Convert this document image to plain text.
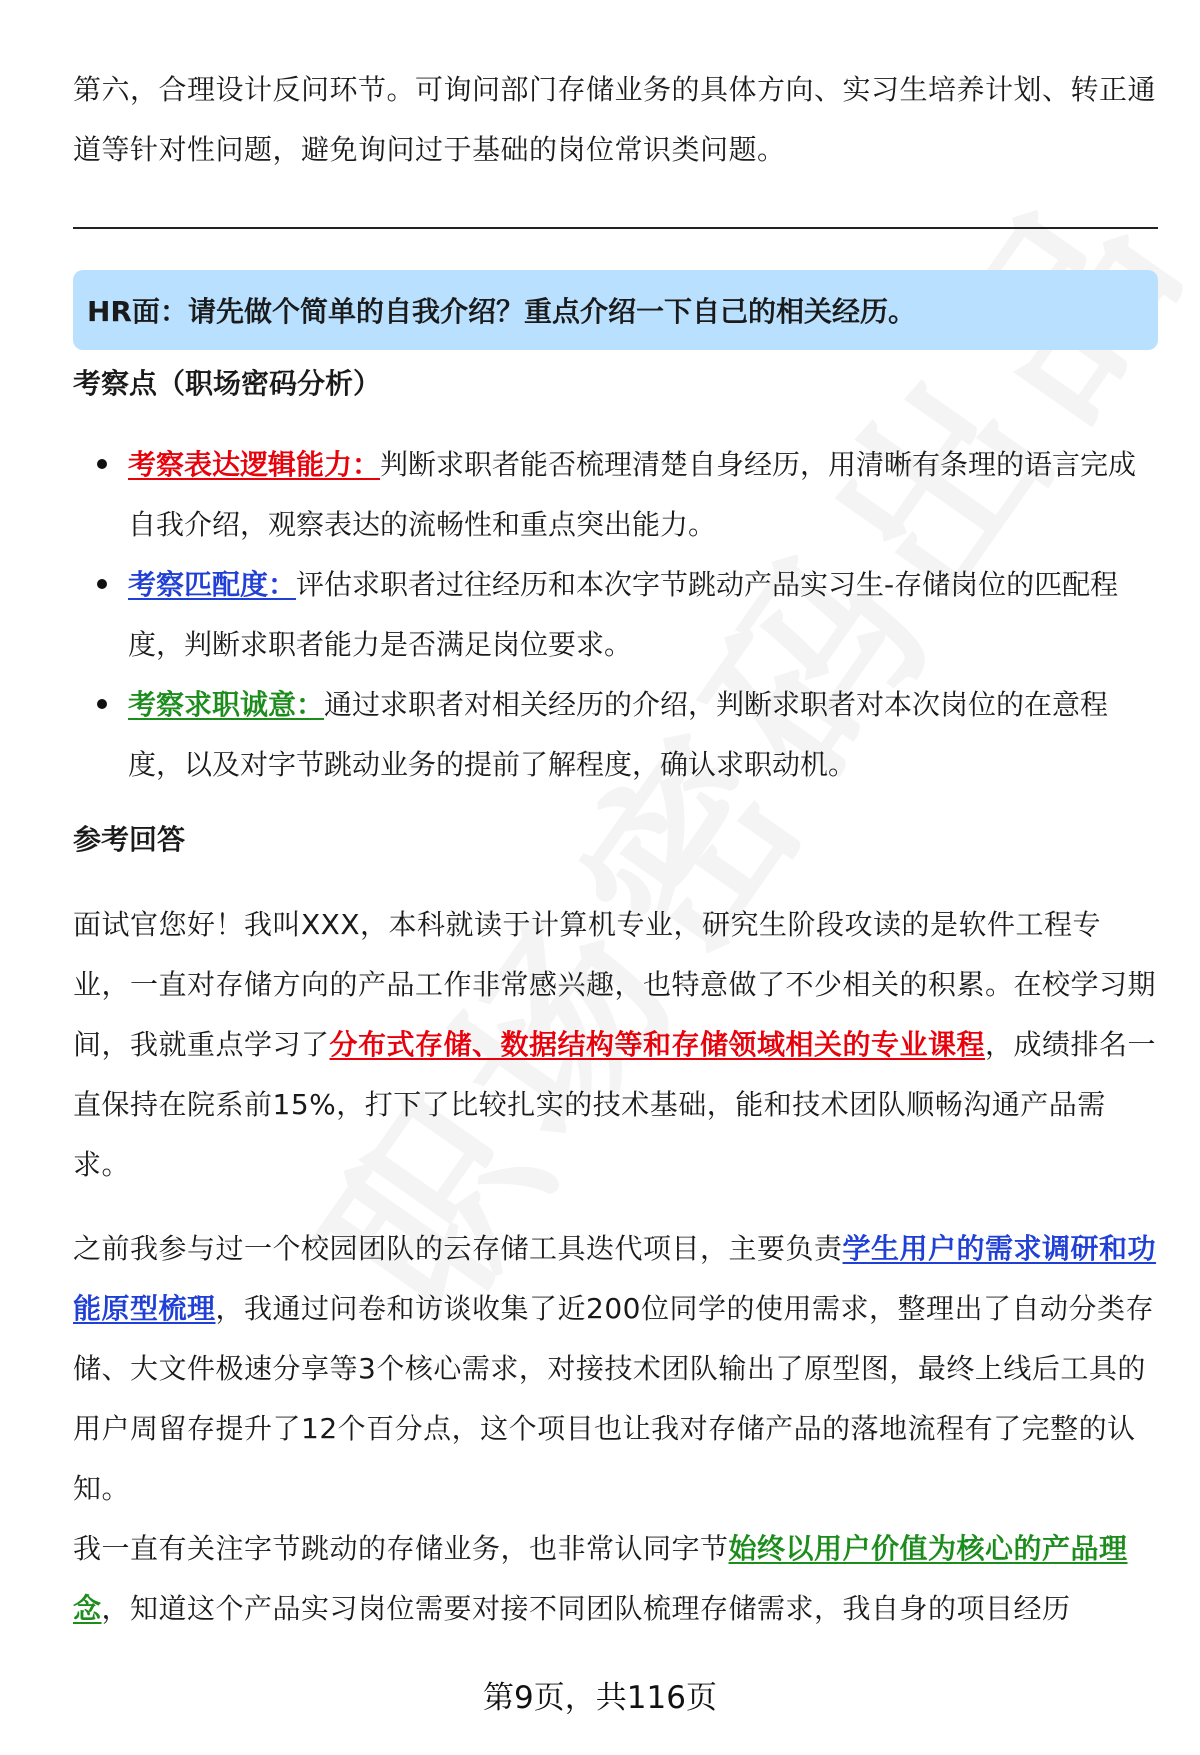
第六，合理设计反问环节。可询问部门存储业务的具体方向、实习生培养计划、转正通道等针对性问题，避免询问过于基础的岗位常识类问题。

HR面：请先做个简单的自我介绍？重点介绍一下自己的相关经历。

考察点（职场密码分析）

考察表达逻辑能力：判断求职者能否梳理清楚自身经历，用清晰有条理的语言完成自我介绍，观察表达的流畅性和重点突出能力。
考察匹配度：评估求职者过往经历和本次字节跳动产品实习生-存储岗位的匹配程度，判断求职者能力是否满足岗位要求。
考察求职诚意：通过求职者对相关经历的介绍，判断求职者对本次岗位的在意程度，以及对字节跳动业务的提前了解程度，确认求职动机。

参考回答

面试官您好！我叫XXX，本科就读于计算机专业，研究生阶段攻读的是软件工程专业，一直对存储方向的产品工作非常感兴趣，也特意做了不少相关的积累。在校学习期间，我就重点学习了分布式存储、数据结构等和存储领域相关的专业课程，成绩排名一直保持在院系前15%，打下了比较扎实的技术基础，能和技术团队顺畅沟通产品需求。

之前我参与过一个校园团队的云存储工具迭代项目，主要负责学生用户的需求调研和功能原型梳理，我通过问卷和访谈收集了近200位同学的使用需求，整理出了自动分类存储、大文件极速分享等3个核心需求，对接技术团队输出了原型图，最终上线后工具的用户周留存提升了12个百分点，这个项目也让我对存储产品的落地流程有了完整的认知。

我一直有关注字节跳动的存储业务，也非常认同字节始终以用户价值为核心的产品理念，知道这个产品实习岗位需要对接不同团队梳理存储需求，我自身的项目经历

第9页，共116页
